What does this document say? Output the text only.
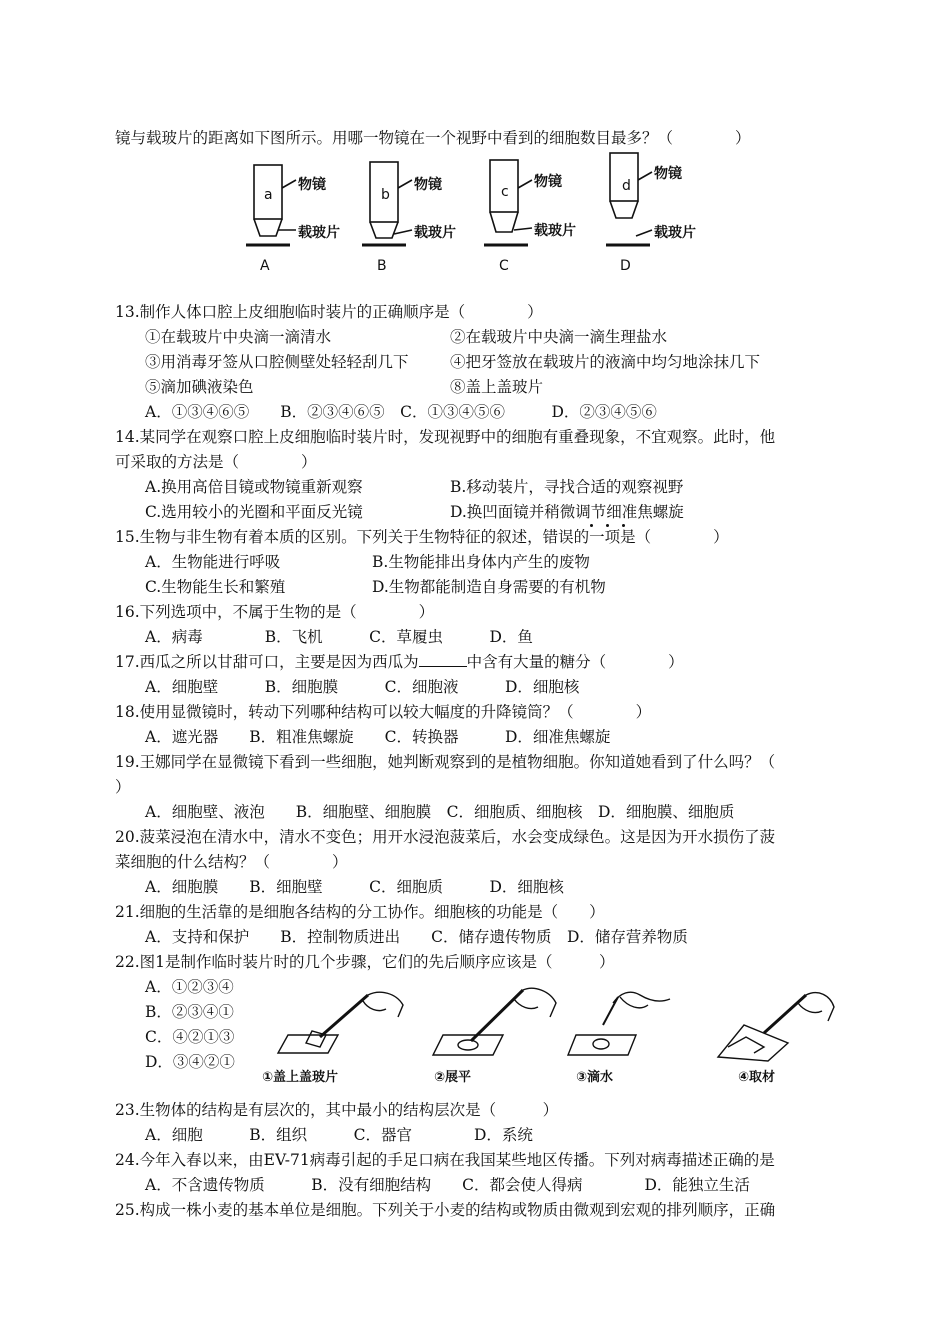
镜与载玻片的距离如下图所示。用哪一物镜在一个视野中看到的细胞数目最多？（　　　　）
a	b	c	d
物镜	物镜	物镜	物镜
载玻片	载玻片	载玻片	载玻片
A	B	C	D
13.制作人体口腔上皮细胞临时装片的正确顺序是（　　　　）
①在载玻片中央滴一滴清水	②在载玻片中央滴一滴生理盐水
③用消毒牙签从口腔侧壁处轻轻刮几下	④把牙签放在载玻片的液滴中均匀地涂抹几下
⑤滴加碘液染色	⑧盖上盖玻片
A．①③④⑥⑤　　B．②③④⑥⑤　C．①③④⑤⑥　　　D．②③④⑤⑥
14.某同学在观察口腔上皮细胞临时装片时，发现视野中的细胞有重叠现象，不宜观察。此时，他
可采取的方法是（　　　　）
A.换用高倍目镜或物镜重新观察	B.移动装片，寻找合适的观察视野
C.选用较小的光圈和平面反光镜	D.换凹面镜并稍微调节细准焦螺旋
15.生物与非生物有着本质的区别。下列关于生物特征的叙述，错误的一项是（　　　　）
A．生物能进行呼吸	B.生物能排出身体内产生的废物
C.生物能生长和繁殖	D.生物都能制造自身需要的有机物
16.下列选项中，不属于生物的是（　　　　）
A．病毒　　　　B．飞机　　　C．草履虫　　　D．鱼
17.西瓜之所以甘甜可口，主要是因为西瓜为	中含有大量的糖分（　　　　）
A．细胞壁　　　B．细胞膜　　　C．细胞液　　　D．细胞核
18.使用显微镜时，转动下列哪种结构可以较大幅度的升降镜筒？（　　　　）
A．遮光器　　B．粗准焦螺旋　　C．转换器　　　D．细准焦螺旋
19.王娜同学在显微镜下看到一些细胞，她判断观察到的是植物细胞。你知道她看到了什么吗？（
）
A．细胞壁、液泡　　B．细胞壁、细胞膜　C．细胞质、细胞核　D．细胞膜、细胞质
20.菠菜浸泡在清水中，清水不变色；用开水浸泡菠菜后，水会变成绿色。这是因为开水损伤了菠
菜细胞的什么结构？（　　　　）
A．细胞膜　　B．细胞壁　　　C．细胞质　　　D．细胞核
21.细胞的生活靠的是细胞各结构的分工协作。细胞核的功能是（　　）
A．支持和保护　　B．控制物质进出　　C．储存遗传物质　D．储存营养物质
22.图1是制作临时装片时的几个步骤，它们的先后顺序应该是（　　　）
A．①②③④
B．②③④①
C．④②①③
D．③④②①
①盖上盖玻片	②展平	③滴水	④取材
23.生物体的结构是有层次的，其中最小的结构层次是（　　　）
A．细胞　　　B．组织　　　C．器官　　　　D．系统
24.今年入春以来，由EV-71病毒引起的手足口病在我国某些地区传播。下列对病毒描述正确的是
A．不含遗传物质　　　B．没有细胞结构　　C．都会使人得病　　　　D．能独立生活
25.构成一株小麦的基本单位是细胞。下列关于小麦的结构或物质由微观到宏观的排列顺序，正确
